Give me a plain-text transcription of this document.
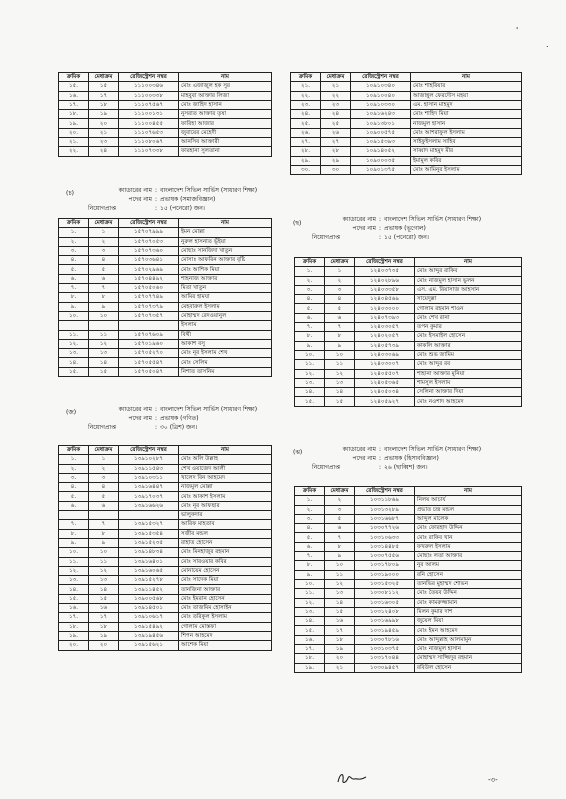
'
.
ক্রমিক	মেধাক্রম	রেজিস্ট্রেশন নম্বর	নাম
১৫.	১৫	১১১০০৩৪৬	মোঃ এজাজুল হক সুর
১৬.	১৭	১১১০০৩৩৮	মাহবুবা আক্তার লিজা
১৭.	১৮	১১১০৭৫৬৭	মোঃ জাহিদ হাসান
১৮.	১৯	১১১০০১৩১	নুসরাত আক্তার তৃষা
১৯.	২০	১১১০০৪৫৫	ফারিহা আজার
২০.	২১	১১১০৭৬৫৩	জুবায়ের মেহেদী
২১.	২৩	১১১০৮০৬৭	আনসিব আক্তারী
২২.	২৪	১১১০৭৩৩৮	ফারহানা সুলতানা
ক্রমিক	মেধাক্রম	রেজিস্ট্রেশন নম্বর	নাম
২১.	২১	১০৯১০৩৪০	মোঃ শাহরিয়ার
২২.	২২	১০৯১০০৪০	আজান্নুল ফেরদৌস মহয়া
২৩.	২৩	১০৯১০৩৩০	এম. হাসান মাহমুদ
২৪.	২৪	১০৯১৬২৪৩	মোঃ শাহিদ মিয়া
২৫.	২৫	১০৯১৩৮০১	নাজমুল হাসান
২৬.	২৬	১০৯০০৫৭৫	মোঃ আশরাফুল ইসলাম
২৭.	২৭	১০৯১৫৩৯৩	সাইফুইসলাম সাহিব
২৮.	২৮	১০৯১৪০৫২	সাব্বাদ মাহমুদ মীর
২৯.	২৯	১০৯০০০৩৫	ইমামুল কবির
৩০.	৩০	১০৯০১৩৭৫	মোঃ আমিনুর ইসলাম
(চ)	ক্যাডারের নাম : বাংলাদেশ সিভিল সার্ভিস (সাধারণ শিক্ষা)
পদের নাম : প্রভাষক (সমাজবিজ্ঞান)
নিয়োগপ্রাপ্ত	: ১৫ (পনেরো) জন।
ক্রমিক	মেধাক্রম	রেজিস্ট্রেশন নম্বর	নাম
১.	১	১৫৭০৭৯৯৯	ইমন মোল্লা
২.	২	১৫৭০৭০৫৩	নুরুল হাসনাত ভূঁইয়া
৩.	৩	১৫৭০৭৩৬০	মোছাঃ সানজিদা খাতুন
৪.	৪	১৫৭০৩৬৪১	মোসাঃ আফরিন আক্তার বৃষ্টি
৫.	৫	১৫৭০২৯৬৯	মোঃ আশিক মিয়া
৬.	৬	১৫৭০৪৪৯২	শাহনাজ আক্তার
৭.	৭	১৫৭০৫০৬০	মিতা খাতুন
৮.	৮	১৫৭০৭৭৪৯	আমির হামযা
৯.	৯	১৫৭০৭৩৭৯	মেহবারুল ইসলাম
১০.	১০	১৫৭০৭৩৫৭	মোহাম্মদ রেদওয়ানুল
			ইসলাম
১১.	১১	১৫৭০৭৬০৯	বিথী
১২.	১২	১৫৭০১৯৬০	আকাশ বসু
১৩.	১৩	১৫৭০৫২৭০	মোঃ নূর ইসলাম শেখ
১৪.	১৪	১৫৭০৫৫৪৭	মোঃ সেলিম
১৫.	১৫	১৫৭০৫০৪৭	নিশাত তাসনিম
(ছ)
ক্যাডারের নাম : বাংলাদেশ সিভিল সার্ভিস (সাধারণ শিক্ষা)
পদের নাম : প্রভাষক (ভূগোল)
নিয়োগপ্রাপ্ত	: ১৫ (পনেরো) জন।
ক্রমিক	মেধাক্রম	রেজিস্ট্রেশন নম্বর	নাম
১.	১	১২৪০৩৭৩৫	মোঃ আব্দুর রাকিব
২.	২	১২৪০২৮৯৬	মোঃ নাজমুল হাসান ভুলন
৩.	৩	১২৪০৩৩৫৮	এস. এম. রিয়াসাজ আহসান
৪.	৪	১২৪০৪৫৬৯	সায়েদুল্লা
৫.	৫	১২৪০৩০০০	গোলাম রহমান শাওন
৬.	৬	১২৪০৭৩৯৩	মোঃ শেখ রানা
৭.	৭	১২৪০৩০৫৭	তপন কুমার
৮.	৮	১২৪০২০৫৭	মোঃ ইসমাইল হোসেন
৯.	৯	১২৪০৫৭৩৯	কাকলি আক্তার
১০.	১০	১২৪০৩০৬৯	মোঃ শুভ জামিম
১১.	১১	১২৪০৩০০৭	মোঃ আব্দুর রব
১২.	১২	১২৪০৫৫০৭	শাহানা আক্তার মুনিয়া
১৩.	১৩	১২৪০৫৩৬৫	শামসুল ইসলাম
১৪.	১৪	১২৪০৫০৩৪	সেলিনা আক্তার দিয়া
১৫.	১৫	১২৪০৫৯২৭	মোঃ নওশাদ আহমেদ
(জ)	ক্যাডারের নাম : বাংলাদেশ সিভিল সার্ভিস (সাধারণ শিক্ষা)
পদের নাম : প্রভাষক (গণিত)
নিয়োগপ্রাপ্ত	: ৩০ (ত্রিশ) জন।
ক্রমিক	মেধাক্রম	রেজিস্ট্রেশন নম্বর	নাম
১.	১	১৩৯১০২৮৭	মোঃ অলি উল্লাহ
২.	২	১৩৯১১৫৪৩	শেখ ওয়াজেদ আলী
৩.	৩	১৩৯১০৩১১	খালেদ বিন আহমেদ
৪.	৪	১৩৯১৬৪৪৭	নাজমুল মোল্লা
৫.	৫	১৩৯১৭০৩৭	মোঃ আকাশ ইসলাম
৬.	৬	১৩৯১৬৬২৬	মোঃ নূর আফছার
			ভালুকদার
৭.	৭	১৩৯১৫৩২৭	আরিফ মাহতাব
৮.	৮	১৩৯১৫৩৫৪	সজীব মন্ডল
৯.	৯	১৩৯১৫২৩৫	রাহাত হোসেন
১০.	১০	১৩৯১৪৮৩৪	মোঃ মিনহাজুর রহমান
১১.	১১	১৩৯১৬৪০১	মোঃ সারওয়ার কবির
১২.	১২	১৩৯১৬০৬৫	মোনায়েম হোসেন
১৩.	১৩	১৩৯১৫২৭৮	মোঃ সাদেক মিয়া
১৪.	১৪	১৩৯১১৪৫২	তানজিনা আক্তার
১৫.	১৫	১৩৯০০৫৬৮	মোঃ ইমরান হোসেন
১৬.	১৬	১৩৯১৪৫০১	মোঃ তাজমিম হোসাইন
১৭.	১৭	১৩৯১০৬১৭	মোঃ তরিকুল ইসলাম
১৮.	১৮	১৩৯১৫৪৯২	গোলাম মোস্তফা
১৯.	১৯	১৩৯১৯৪৫৬	শিপন আহমেদ
২০.	২০	১৩৯১৫৬২১	আশেক মিয়া
(ঝ)	ক্যাডারের নাম : বাংলাদেশ সিভিল সার্ভিস (সাধারণ শিক্ষা)
পদের নাম : প্রভাষক (হিসাববিজ্ঞান)
নিয়োগপ্রাপ্ত	: ২৬ (ছাব্বিশ) জন।
ক্রমিক	মেধাক্রম	রেজিস্ট্রেশন নম্বর	নাম
১.	২	১০৩১১৮৬৯	নিলয় আচার্য
২.	৩	১০৩১৩২৮৯	প্রভাত চন্দ্র মন্ডল
৩.	৫	১০৩১৬৬৮৭	আব্দুল মালেক
৪.	৬	১০৩০৭৭২৬	মোঃ ফোরহাদ উদ্দিন
৫.	৭	১০৩১০৬৩৩	মোঃ রাকিব খান
৬.	৮	১০৩১৪৪৮৫	ফখরুল ইসলাম
৭.	৯	১০৩০৭৫৫৬	মোছাঃ লতা আক্তার
৮.	১০	১০৩১৭৮০৯	নুর আলম
৯.	১১	১০৩১৯০০০	রনি হোসেন
১০.	১২	১০৩১৫৩২৫	তানভির মুহাম্মদ শোভন
১১.	১৩	১০৩০৮১১২	মোঃ তৈয়ব উদ্দিন
১২.	১৪	১০৩১৬৩০৫	মোঃ কামরুজ্জামান
১৩.	১৫	১০৩১২৪০৮	মিলন কুমার দাশ
১৪.	১৬	১০৩১৬৯৯৮	জুয়েল মিয়া
১৫.	১৭	১০৩১৯৪৫৯	মোঃ ইমন আহমেদ
১৬.	১৮	১০৩০৭৮১৬	মোঃ আব্দুল্লাহ আলমামুন
১৭.	১৯	১০৩১০৩৭৫	মোঃ নাজমুল হাসান
১৮.	২০	১০৩১৭০৪৪	মোহাম্মদ সাজ্জিদুর রহমান
১৯.	২১	১০৩০৯৪৫৭	রবিউল হোসেন
-৩-
